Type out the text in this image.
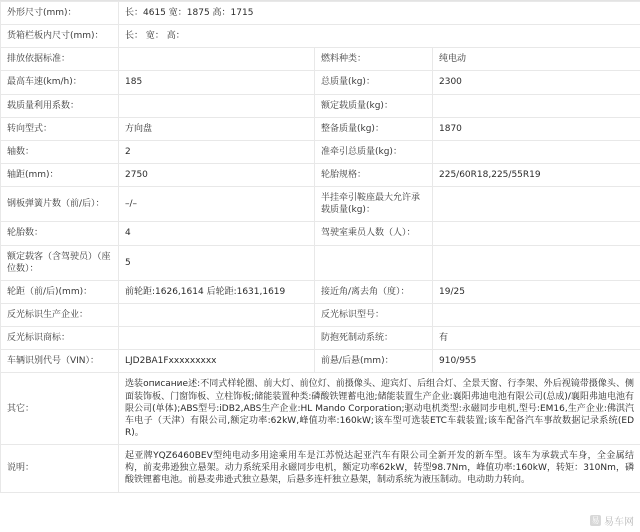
外形尺寸(mm)：	长：4615 宽：1875 高：1715		
货箱栏板内尺寸(mm)：	长： 宽： 高：		
排放依据标准：		燃料种类：	纯电动
最高车速(km/h)：	185	总质量(kg)：	2300
载质量利用系数：		额定载质量(kg)：	
转向型式：	方向盘	整备质量(kg)：	1870
轴数：	2	准牵引总质量(kg)：	
轴距(mm)：	2750	轮胎规格：	225/60R18,225/55R19
钢板弹簧片数（前/后）：	–/–	半挂牵引鞍座最大允许承载质量(kg)：	
轮胎数：	4	驾驶室乘员人数（人）：	
额定载客（含驾驶员）（座位数）：	5		
轮距（前/后)(mm)：	前轮距:1626,1614 后轮距:1631,1619	接近角/离去角（度）：	19/25
反光标识生产企业：		反光标识型号：	
反光标识商标：		防抱死制动系统：	有
车辆识别代号（VIN）：	LJD2BA1Fxxxxxxxxx	前悬/后悬(mm)：	910/955
其它：	选装описание述:不同式样轮圈、前大灯、前位灯、前摄像头、迎宾灯、后组合灯、全景天窗、行李架、外后视镜带摄像头、侧面装饰板、门窗饰板、立柱饰板;储能装置种类:磷酸铁锂蓄电池;储能装置生产企业:襄阳弗迪电池有限公司(总成)/襄阳弗迪电池有限公司(单体);ABS型号:iDB2,ABS生产企业:HL Mando Corporation;驱动电机类型:永磁同步电机,型号:EM16,生产企业:佛淇汽车电子（天津）有限公司,额定功率:62kW,峰值功率:160kW;该车型可选装ETC车载装置;该车配备汽车事故数据记录系统(EDR)。		
说明：	起亚牌YQZ6460BEV型纯电动多用途乘用车是江苏悦达起亚汽车有限公司全新开发的新车型。该车为承载式车身，全金属结构，前麦弗逊独立悬架。动力系统采用永磁同步电机，额定功率62kW，转型98.7Nm，峰值功率:160kW，转矩：310Nm，磷酸铁锂蓄电池。前悬麦弗逊式独立悬架，后悬多连杆独立悬架，制动系统为液压制动。电动助力转向。		
易 易车网
